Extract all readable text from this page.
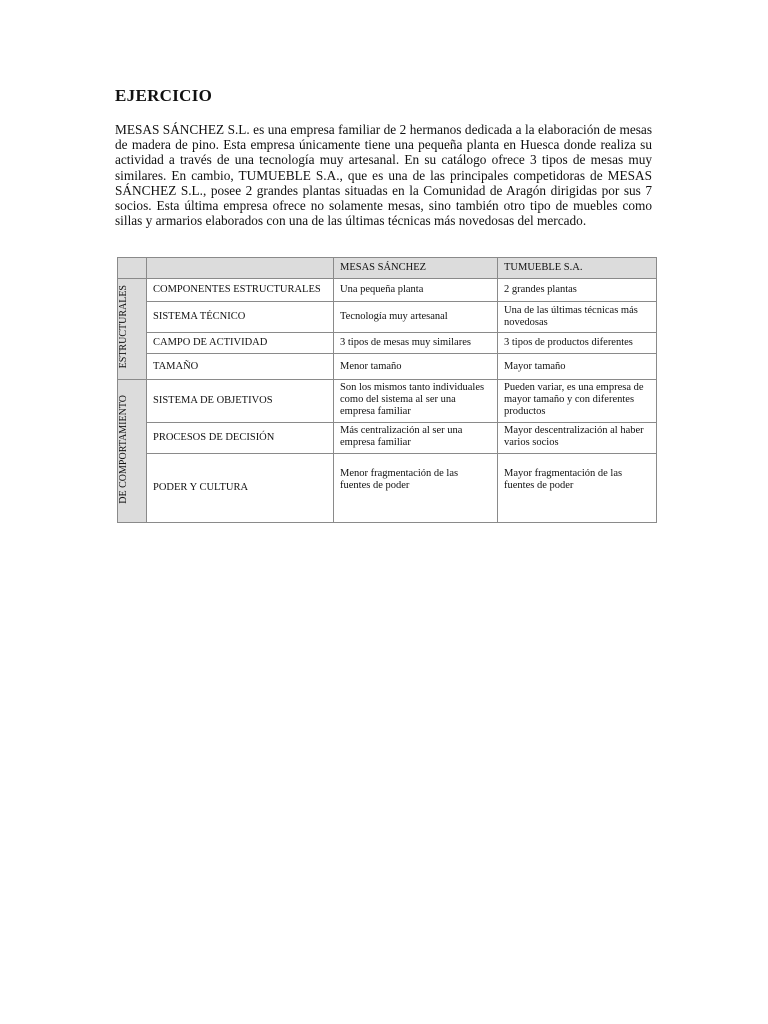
EJERCICIO

MESAS SÁNCHEZ S.L. es una empresa familiar de 2 hermanos dedicada a la elaboración de mesas de madera de pino. Esta empresa únicamente tiene una pequeña planta en Huesca donde realiza su actividad a través de una tecnología muy artesanal. En su catálogo ofrece 3 tipos de mesas muy similares. En cambio, TUMUEBLE S.A., que es una de las principales competidoras de MESAS SÁNCHEZ S.L., posee 2 grandes plantas situadas en la Comunidad de Aragón dirigidas por sus 7 socios. Esta última empresa ofrece no solamente mesas, sino también otro tipo de muebles como sillas y armarios elaborados con una de las últimas técnicas más novedosas del mercado.

		MESAS SÁNCHEZ	TUMUEBLE S.A.
ESTRUCTURALES	COMPONENTES ESTRUCTURALES	Una pequeña planta	2 grandes plantas
	SISTEMA TÉCNICO	Tecnología muy artesanal	Una de las últimas técnicas más novedosas
	CAMPO DE ACTIVIDAD	3 tipos de mesas muy similares	3 tipos de productos diferentes
	TAMAÑO	Menor tamaño	Mayor tamaño
DE COMPORTAMIENTO	SISTEMA DE OBJETIVOS	Son los mismos tanto individuales como del sistema al ser una empresa familiar	Pueden variar, es una empresa de mayor tamaño y con diferentes productos
	PROCESOS DE DECISIÓN	Más centralización al ser una empresa familiar	Mayor descentralización al haber varios socios
	PODER Y CULTURA	Menor fragmentación de las fuentes de poder	Mayor fragmentación de las fuentes de poder
